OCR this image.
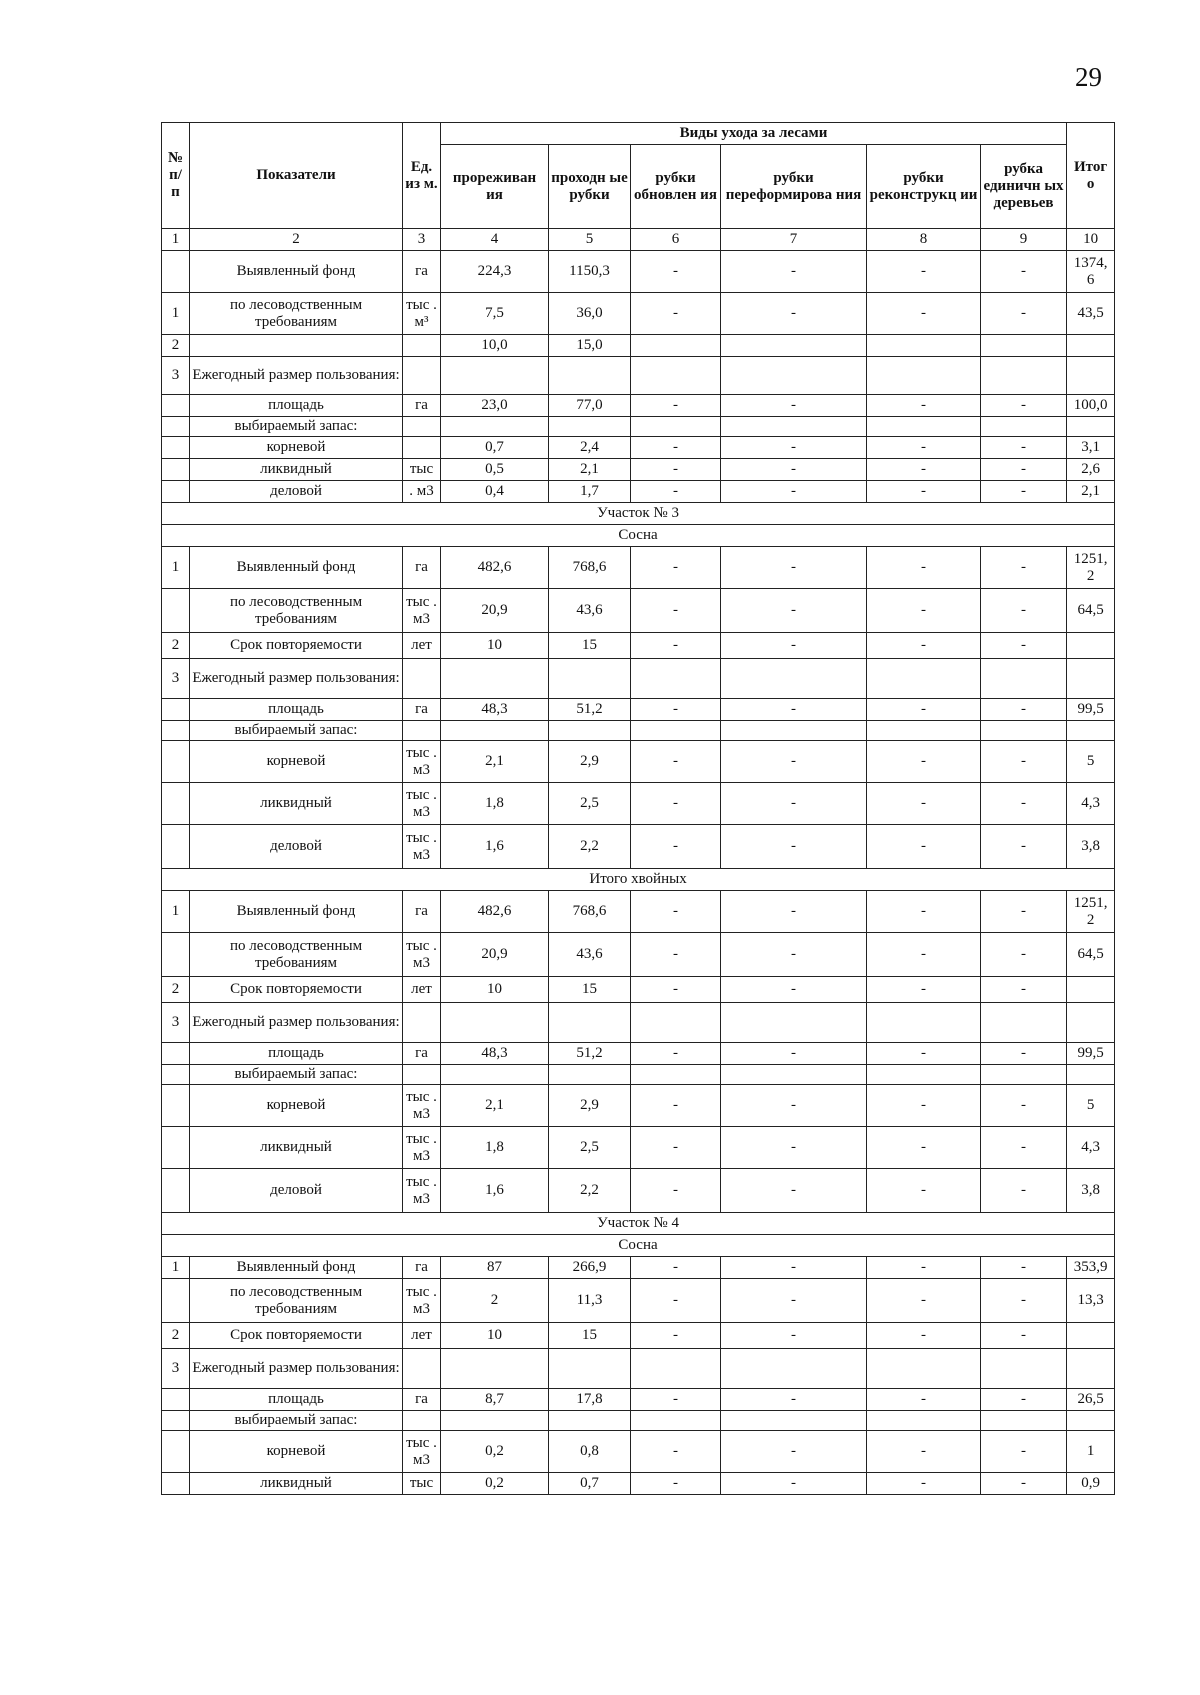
29
№ п/ п	Показатели	Ед. из м.	Виды ухода за лесами						Итог о
			прореживан ия	проходн ые рубки	рубки обновлен ия	рубки переформирова ния	рубки реконструкц ии	рубка единичн ых деревьев	
1	2	3	4	5	6	7	8	9	10
	Выявленный фонд	га	224,3	1150,3	-	-	-	-	1374, 6
1	по лесоводственным требованиям	тыс . м³	7,5	36,0	-	-	-	-	43,5
2			10,0	15,0					
3	Ежегодный размер пользования:								
	площадь	га	23,0	77,0	-	-	-	-	100,0
	выбираемый запас:								
	корневой		0,7	2,4	-	-	-	-	3,1
	ликвидный	тыс	0,5	2,1	-	-	-	-	2,6
	деловой	. м3	0,4	1,7	-	-	-	-	2,1
Участок № 3									
Сосна									
1	Выявленный фонд	га	482,6	768,6	-	-	-	-	1251, 2
	по лесоводственным требованиям	тыс . м3	20,9	43,6	-	-	-	-	64,5
2	Срок повторяемости	лет	10	15	-	-	-	-	
3	Ежегодный размер пользования:								
	площадь	га	48,3	51,2	-	-	-	-	99,5
	выбираемый запас:								
	корневой	тыс . м3	2,1	2,9	-	-	-	-	5
	ликвидный	тыс . м3	1,8	2,5	-	-	-	-	4,3
	деловой	тыс . м3	1,6	2,2	-	-	-	-	3,8
Итого хвойных									
1	Выявленный фонд	га	482,6	768,6	-	-	-	-	1251, 2
	по лесоводственным требованиям	тыс . м3	20,9	43,6	-	-	-	-	64,5
2	Срок повторяемости	лет	10	15	-	-	-	-	
3	Ежегодный размер пользования:								
	площадь	га	48,3	51,2	-	-	-	-	99,5
	выбираемый запас:								
	корневой	тыс . м3	2,1	2,9	-	-	-	-	5
	ликвидный	тыс . м3	1,8	2,5	-	-	-	-	4,3
	деловой	тыс . м3	1,6	2,2	-	-	-	-	3,8
Участок № 4									
Сосна									
1	Выявленный фонд	га	87	266,9	-	-	-	-	353,9
	по лесоводственным требованиям	тыс . м3	2	11,3	-	-	-	-	13,3
2	Срок повторяемости	лет	10	15	-	-	-	-	
3	Ежегодный размер пользования:								
	площадь	га	8,7	17,8	-	-	-	-	26,5
	выбираемый запас:								
	корневой	тыс . м3	0,2	0,8	-	-	-	-	1
	ликвидный	тыс	0,2	0,7	-	-	-	-	0,9
